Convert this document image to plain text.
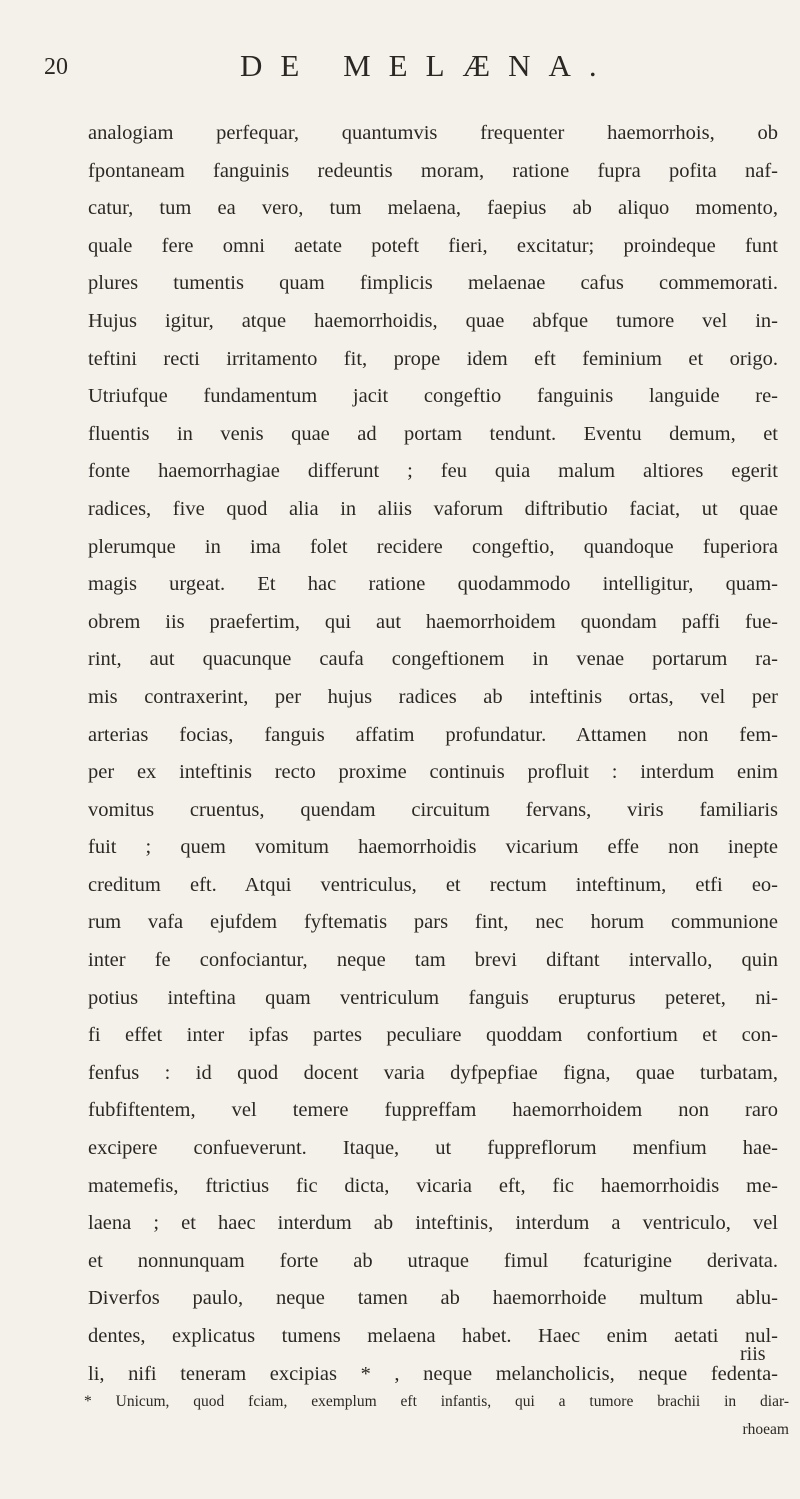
20	DE MELÆNA.
analogiam perfequar, quantumvis frequenter haemorrhois, ob
fpontaneam fanguinis redeuntis moram, ratione fupra pofita naf-
catur, tum ea vero, tum melaena, faepius ab aliquo momento,
quale fere omni aetate poteft fieri, excitatur; proindeque funt
plures tumentis quam fimplicis melaenae cafus commemorati.
Hujus igitur, atque haemorrhoidis, quae abfque tumore vel in-
teftini recti irritamento fit, prope idem eft feminium et origo.
Utriufque fundamentum jacit congeftio fanguinis languide re-
fluentis in venis quae ad portam tendunt. Eventu demum, et
fonte haemorrhagiae differunt ; feu quia malum altiores egerit
radices, five quod alia in aliis vaforum diftributio faciat, ut quae
plerumque in ima folet recidere congeftio, quandoque fuperiora
magis urgeat. Et hac ratione quodammodo intelligitur, quam-
obrem iis praefertim, qui aut haemorrhoidem quondam paffi fue-
rint, aut quacunque caufa congeftionem in venae portarum ra-
mis contraxerint, per hujus radices ab inteftinis ortas, vel per
arterias focias, fanguis affatim profundatur. Attamen non fem-
per ex inteftinis recto proxime continuis profluit : interdum enim
vomitus cruentus, quendam circuitum fervans, viris familiaris
fuit ; quem vomitum haemorrhoidis vicarium effe non inepte
creditum eft. Atqui ventriculus, et rectum inteftinum, etfi eo-
rum vafa ejufdem fyftematis pars fint, nec horum communione
inter fe confociantur, neque tam brevi diftant intervallo, quin
potius inteftina quam ventriculum fanguis erupturus peteret, ni-
fi effet inter ipfas partes peculiare quoddam confortium et con-
fenfus : id quod docent varia dyfpepfiae figna, quae turbatam,
fubfiftentem, vel temere fuppreffam haemorrhoidem non raro
excipere confueverunt. Itaque, ut fuppreflorum menfium hae-
matemefis, ftrictius fic dicta, vicaria eft, fic haemorrhoidis me-
laena ; et haec interdum ab inteftinis, interdum a ventriculo, vel
et nonnunquam forte ab utraque fimul fcaturigine derivata.
Diverfos paulo, neque tamen ab haemorrhoide multum ablu-
dentes, explicatus tumens melaena habet. Haec enim aetati nul-
li, nifi teneram excipias * , neque melancholicis, neque fedenta-
riis
* Unicum, quod fciam, exemplum eft infantis, qui a tumore brachii in diar-
rhoeam
